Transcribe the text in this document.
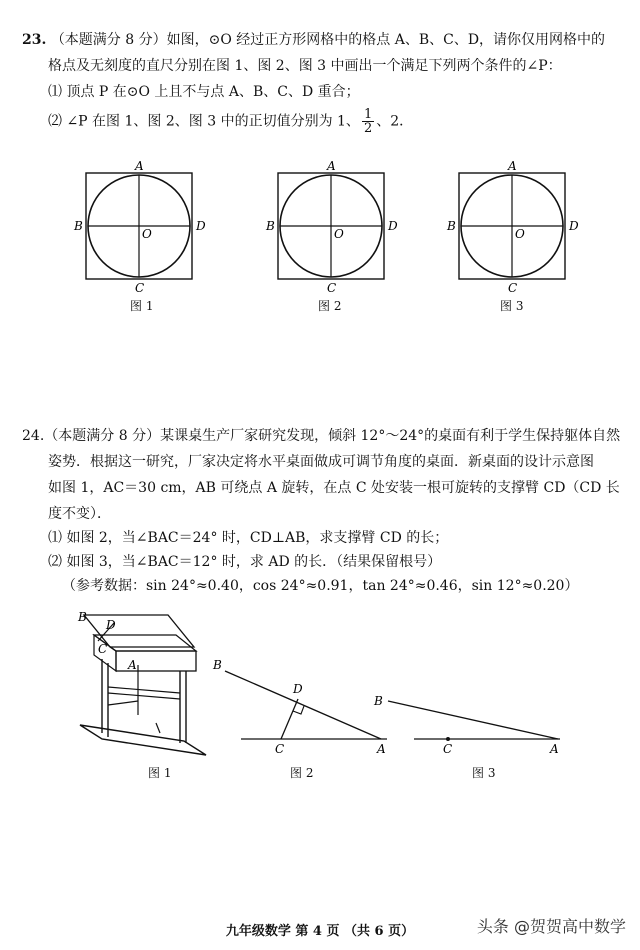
23. （本题满分 8 分）如图，⊙O 经过正方形网格中的格点 A、B、C、D，请你仅用网格中的
格点及无刻度的直尺分别在图 1、图 2、图 3 中画出一个满足下列两个条件的∠P：
⑴ 顶点 P 在⊙O 上且不与点 A、B、C、D 重合；
⑵ ∠P 在图 1、图 2、图 3 中的正切值分别为 1、 $\frac{1}{2}$ 、2．
A
B	D
C
O
图 1
A
B	D
C
O
图 2
A
B	D
C
O
图 3
24.（本题满分 8 分）某课桌生产厂家研究发现，倾斜 12°～24°的桌面有利于学生保持躯体自然
姿势．根据这一研究，厂家决定将水平桌面做成可调节角度的桌面．新桌面的设计示意图
如图 1，AC＝30 cm，AB 可绕点 A 旋转，在点 C 处安装一根可旋转的支撑臂 CD（CD 长
度不变）．
⑴ 如图 2，当∠BAC＝24° 时，CD⊥AB，求支撑臂 CD 的长；
⑵ 如图 3，当∠BAC＝12° 时，求 AD 的长．（结果保留根号）
（参考数据：sin 24°≈0.40，cos 24°≈0.91，tan 24°≈0.46，sin 12°≈0.20）
B
D
C
A
图 1
B
D
C	A
图 2
B
C	A
图 3
九年级数学 第 4 页 （共 6 页）	头条 @贺贺高中数学
